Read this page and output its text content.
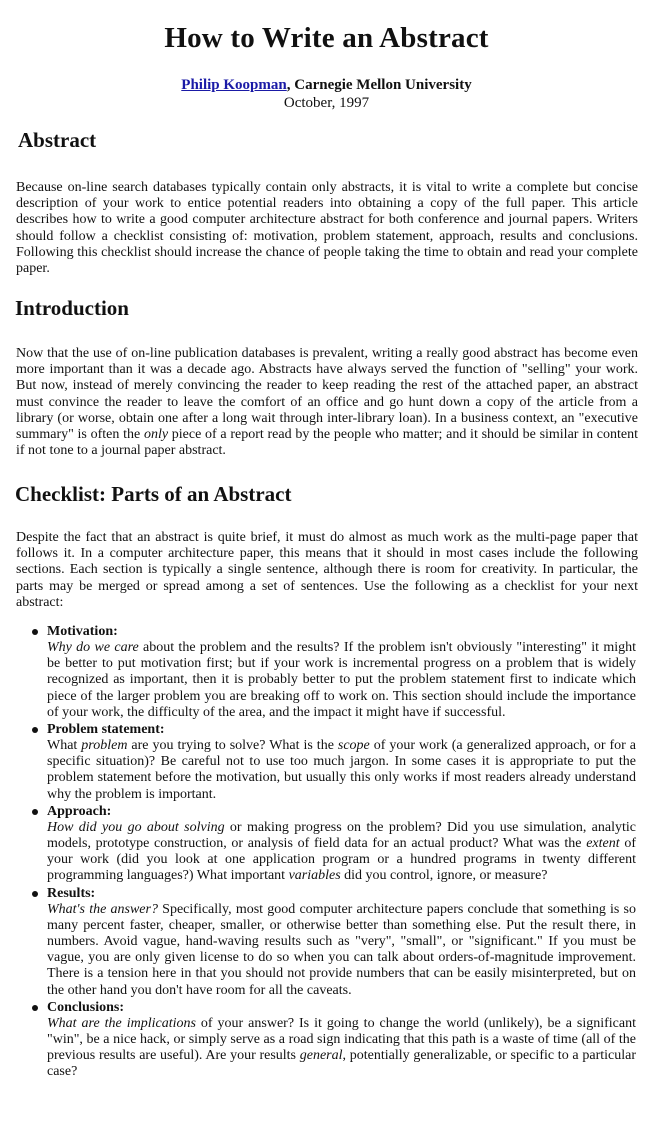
How to Write an Abstract
Philip Koopman, Carnegie Mellon University
October, 1997
Abstract
Because on-line search databases typically contain only abstracts, it is vital to write a complete but concise description of your work to entice potential readers into obtaining a copy of the full paper. This article describes how to write a good computer architecture abstract for both conference and journal papers. Writers should follow a checklist consisting of: motivation, problem statement, approach, results and conclusions. Following this checklist should increase the chance of people taking the time to obtain and read your complete paper.
Introduction
Now that the use of on-line publication databases is prevalent, writing a really good abstract has become even more important than it was a decade ago. Abstracts have always served the function of "selling" your work. But now, instead of merely convincing the reader to keep reading the rest of the attached paper, an abstract must convince the reader to leave the comfort of an office and go hunt down a copy of the article from a library (or worse, obtain one after a long wait through inter-library loan). In a business context, an "executive summary" is often the only piece of a report read by the people who matter; and it should be similar in content if not tone to a journal paper abstract.
Checklist: Parts of an Abstract
Despite the fact that an abstract is quite brief, it must do almost as much work as the multi-page paper that follows it. In a computer architecture paper, this means that it should in most cases include the following sections. Each section is typically a single sentence, although there is room for creativity. In particular, the parts may be merged or spread among a set of sentences. Use the following as a checklist for your next abstract:
Motivation:
Why do we care about the problem and the results? If the problem isn't obviously "interesting" it might be better to put motivation first; but if your work is incremental progress on a problem that is widely recognized as important, then it is probably better to put the problem statement first to indicate which piece of the larger problem you are breaking off to work on. This section should include the importance of your work, the difficulty of the area, and the impact it might have if successful.
Problem statement:
What problem are you trying to solve? What is the scope of your work (a generalized approach, or for a specific situation)? Be careful not to use too much jargon. In some cases it is appropriate to put the problem statement before the motivation, but usually this only works if most readers already understand why the problem is important.
Approach:
How did you go about solving or making progress on the problem? Did you use simulation, analytic models, prototype construction, or analysis of field data for an actual product? What was the extent of your work (did you look at one application program or a hundred programs in twenty different programming languages?) What important variables did you control, ignore, or measure?
Results:
What's the answer? Specifically, most good computer architecture papers conclude that something is so many percent faster, cheaper, smaller, or otherwise better than something else. Put the result there, in numbers. Avoid vague, hand-waving results such as "very", "small", or "significant." If you must be vague, you are only given license to do so when you can talk about orders-of-magnitude improvement. There is a tension here in that you should not provide numbers that can be easily misinterpreted, but on the other hand you don't have room for all the caveats.
Conclusions:
What are the implications of your answer? Is it going to change the world (unlikely), be a significant "win", be a nice hack, or simply serve as a road sign indicating that this path is a waste of time (all of the previous results are useful). Are your results general, potentially generalizable, or specific to a particular case?
